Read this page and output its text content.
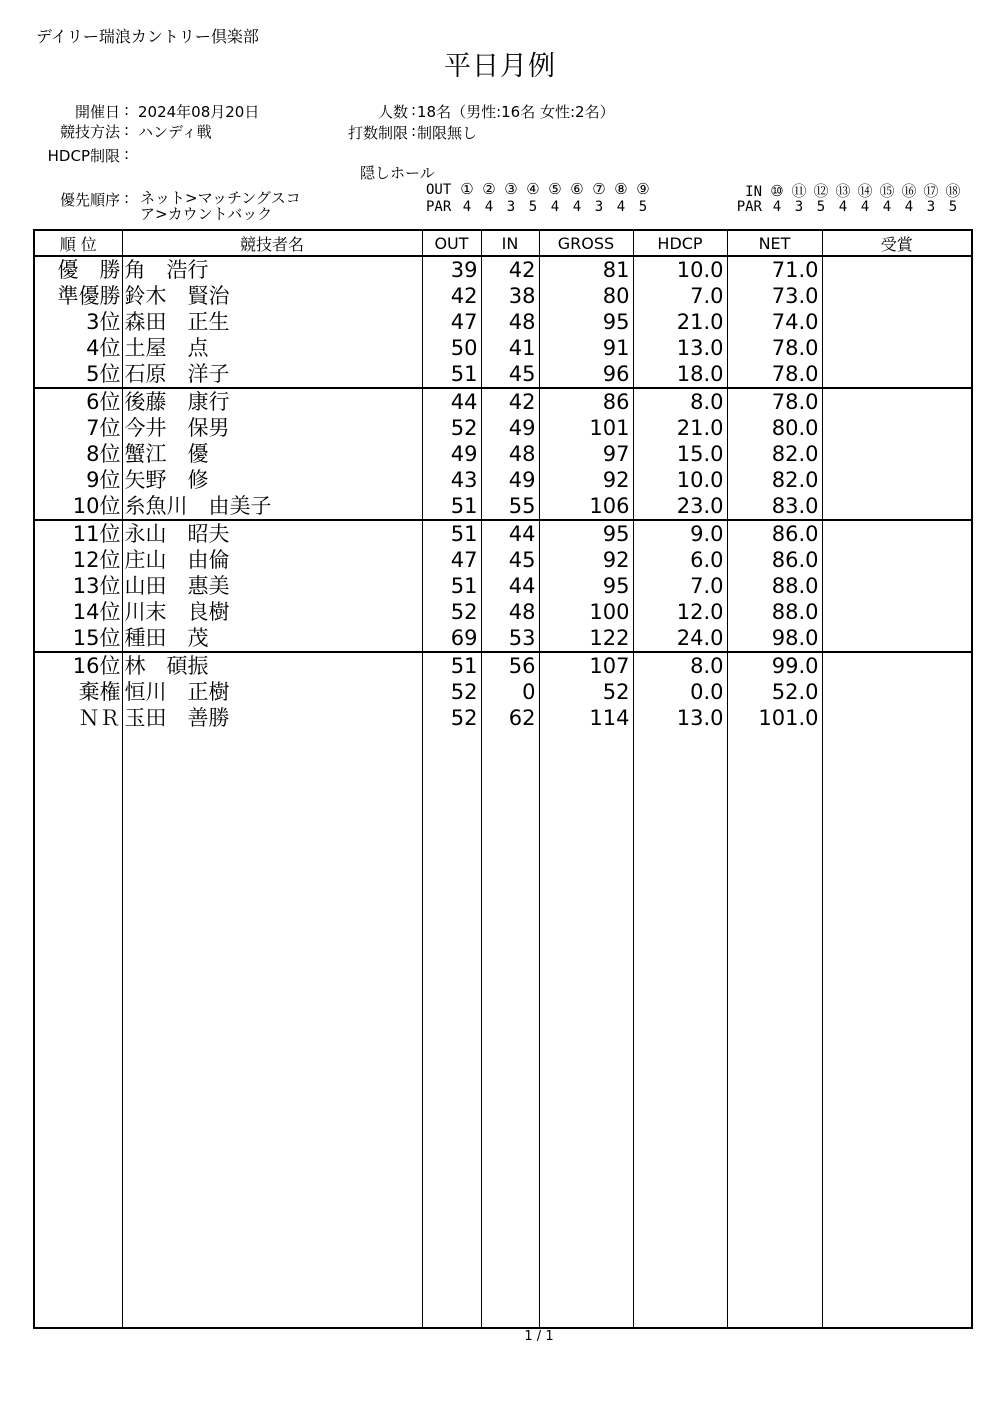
デイリー瑞浪カントリー倶楽部
平日月例
開催日 : 2024年08月20日
競技方法 : ハンディ戦
HDCP制限 :
優先順序 : ネット>マッチングスコ
ア>カウントバック
人数 : 18名（男性:16名 女性:2名）
打数制限 : 制限無し
隠しホール
OUT ① ② ③ ④ ⑤ ⑥ ⑦ ⑧ ⑨
PAR 4 4 3 5 4 4 3 4 5
IN ⑩ ⑪ ⑫ ⑬ ⑭ ⑮ ⑯ ⑰ ⑱
PAR 4 3 5 4 4 4 4 3 5
順 位	競技者名	OUT	IN	GROSS	HDCP	NET	受賞
優　勝	角　浩行	39	42	81	10.0	71.0	
準優勝	鈴木　賢治	42	38	80	7.0	73.0	
3位	森田　正生	47	48	95	21.0	74.0	
4位	土屋　点	50	41	91	13.0	78.0	
5位	石原　洋子	51	45	96	18.0	78.0	
6位	後藤　康行	44	42	86	8.0	78.0	
7位	今井　保男	52	49	101	21.0	80.0	
8位	蟹江　優	49	48	97	15.0	82.0	
9位	矢野　修	43	49	92	10.0	82.0	
10位	糸魚川　由美子	51	55	106	23.0	83.0	
11位	永山　昭夫	51	44	95	9.0	86.0	
12位	庄山　由倫	47	45	92	6.0	86.0	
13位	山田　惠美	51	44	95	7.0	88.0	
14位	川末　良樹	52	48	100	12.0	88.0	
15位	種田　茂	69	53	122	24.0	98.0	
16位	林　碩振	51	56	107	8.0	99.0	
棄権	恒川　正樹	52	0	52	0.0	52.0	
ＮＲ	玉田　善勝	52	62	114	13.0	101.0	

1 / 1
